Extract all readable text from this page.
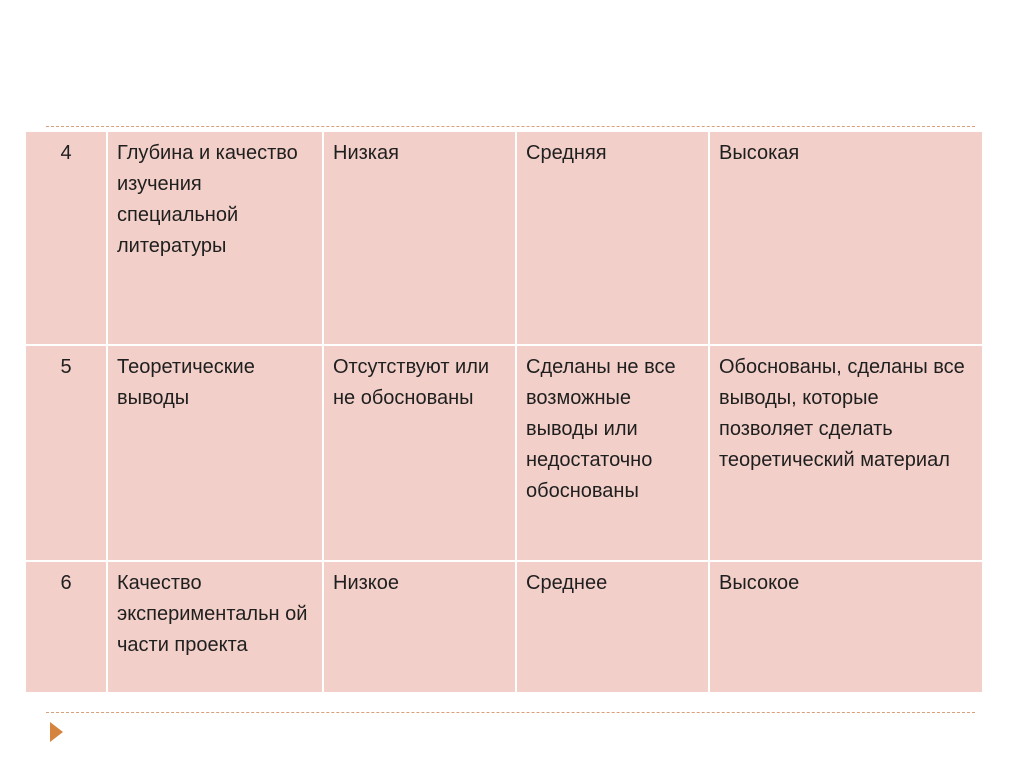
4	Глубина и качество изучения специальной литературы	Низкая	Средняя	Высокая
5	Теоретические выводы	Отсутствуют или не обоснованы	Сделаны не все возможные выводы или недостаточно обоснованы	Обоснованы, сделаны все выводы, которые позволяет сделать теоретический материал
6	Качество экспериментальн ой части проекта	Низкое	Среднее	Высокое
